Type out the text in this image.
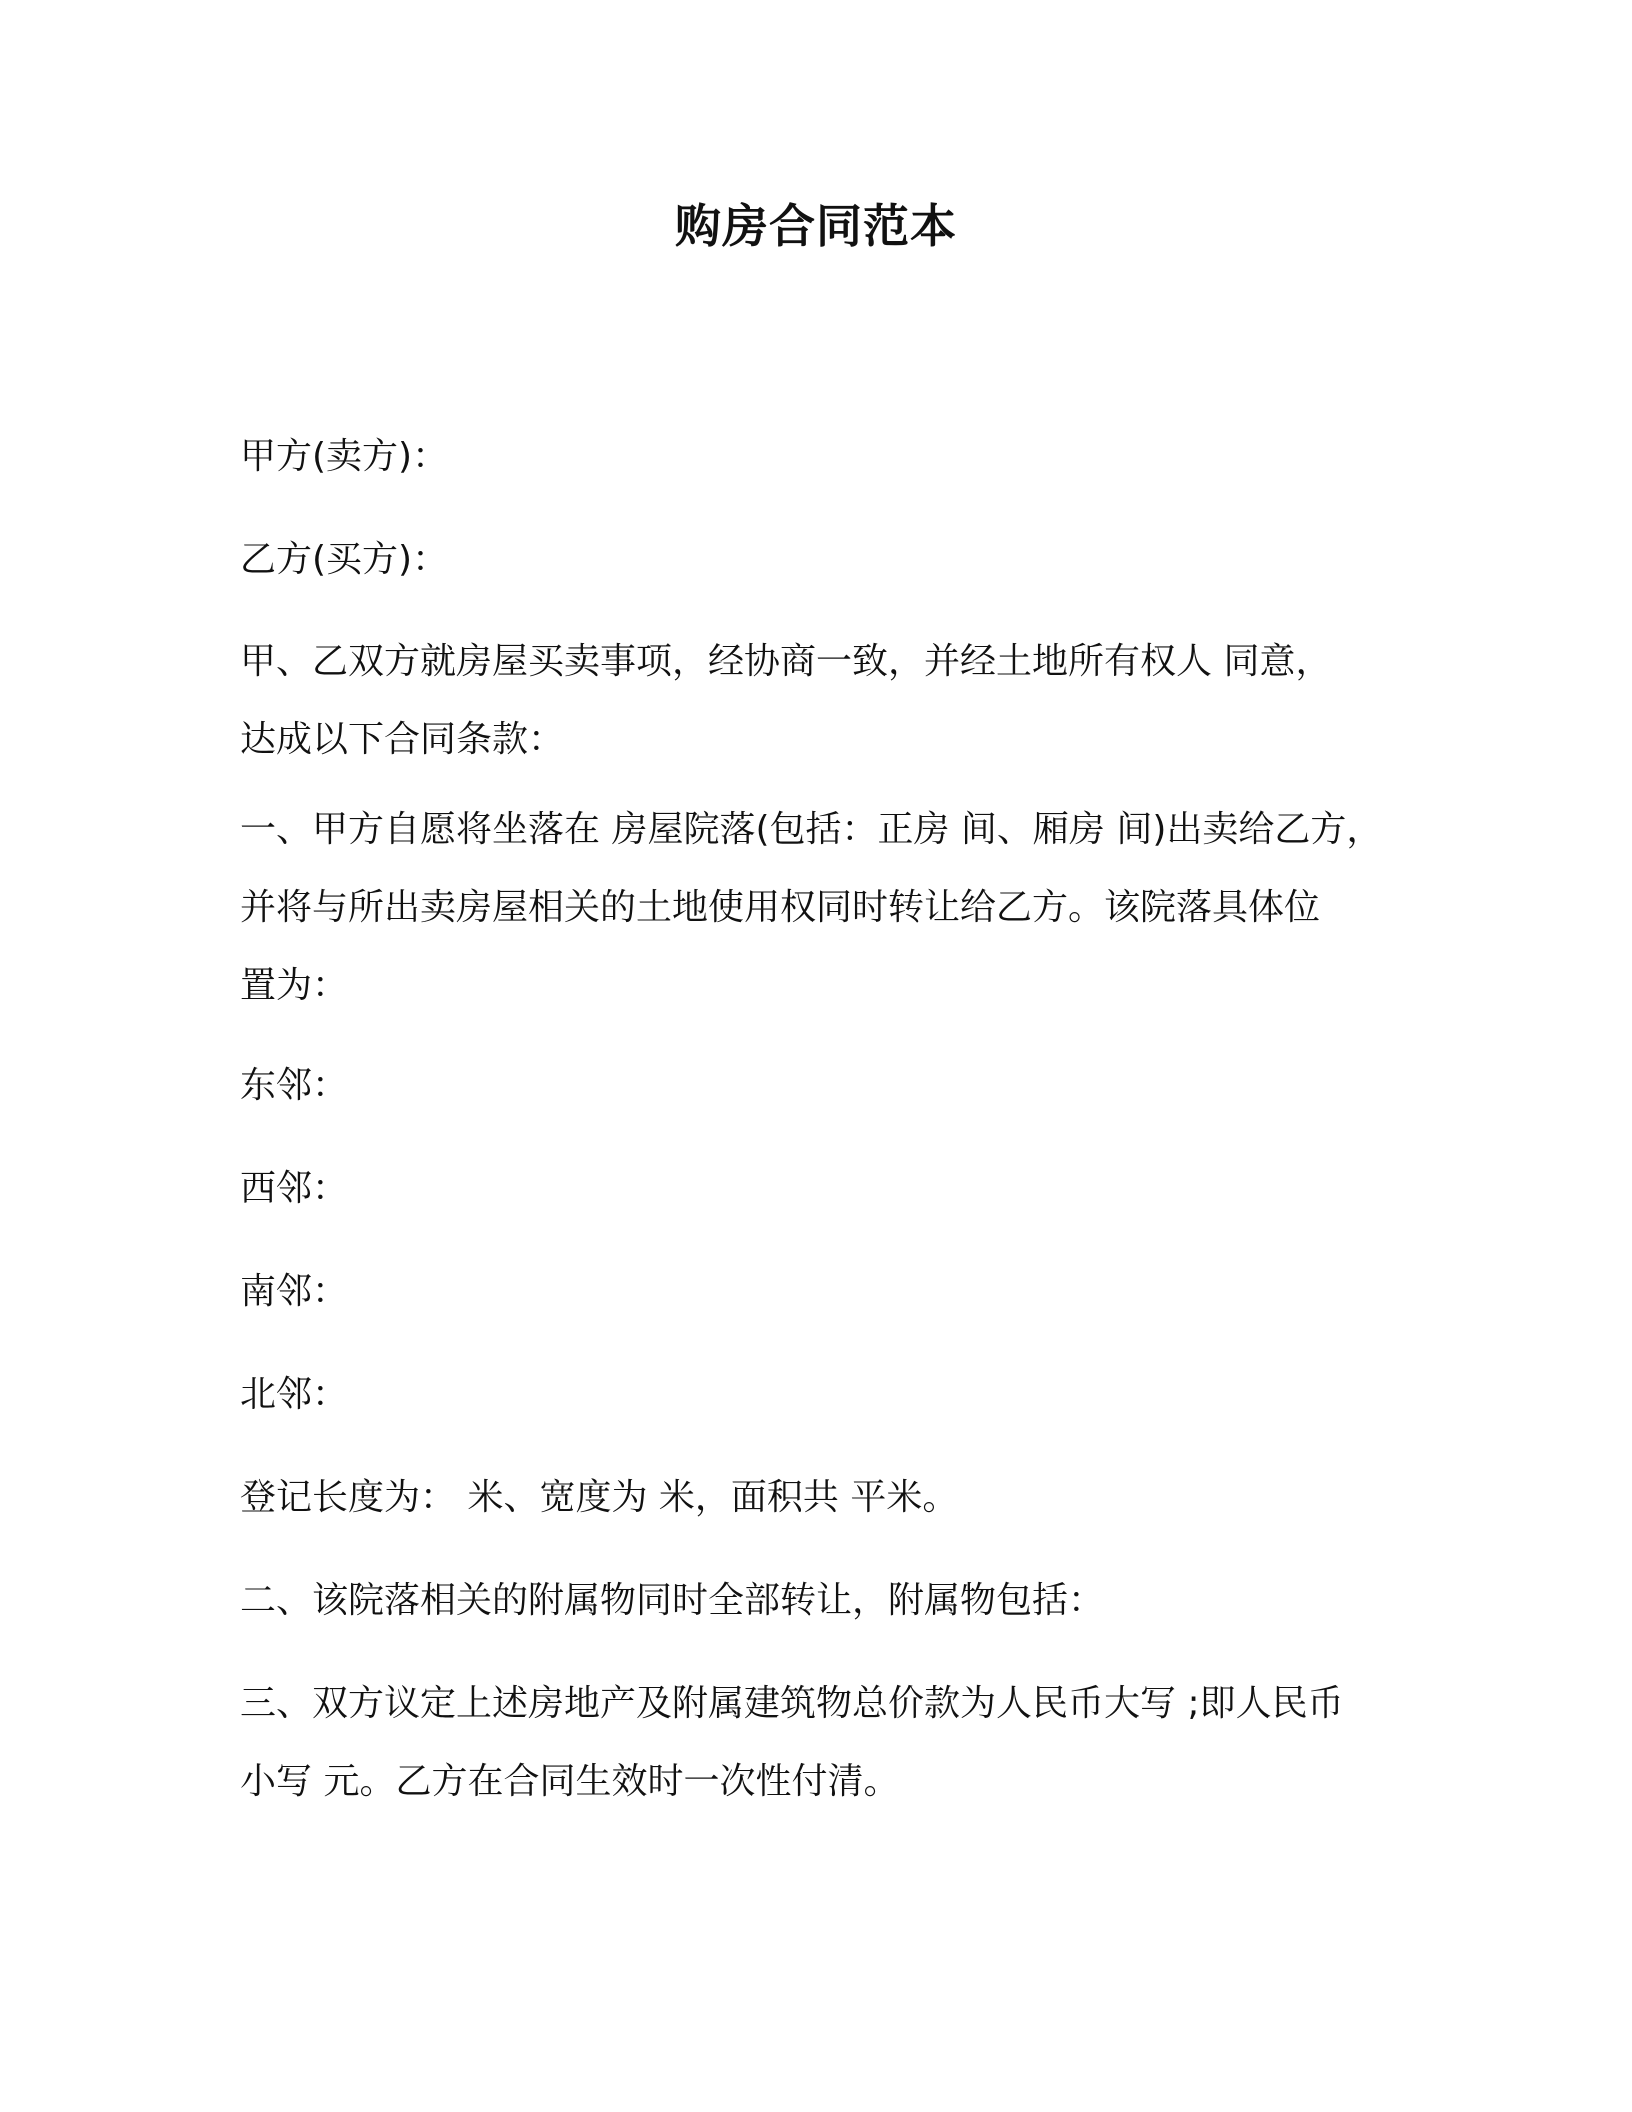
购房合同范本
甲方(卖方)：
乙方(买方)：
甲、乙双方就房屋买卖事项，经协商一致，并经土地所有权人 同意，
达成以下合同条款：
一、甲方自愿将坐落在 房屋院落(包括：正房 间、厢房 间)出卖给乙方，
并将与所出卖房屋相关的土地使用权同时转让给乙方。该院落具体位
置为：
东邻：
西邻：
南邻：
北邻：
登记长度为： 米、宽度为 米，面积共 平米。
二、该院落相关的附属物同时全部转让，附属物包括：
三、双方议定上述房地产及附属建筑物总价款为人民币大写 ;即人民币
小写 元。乙方在合同生效时一次性付清。
